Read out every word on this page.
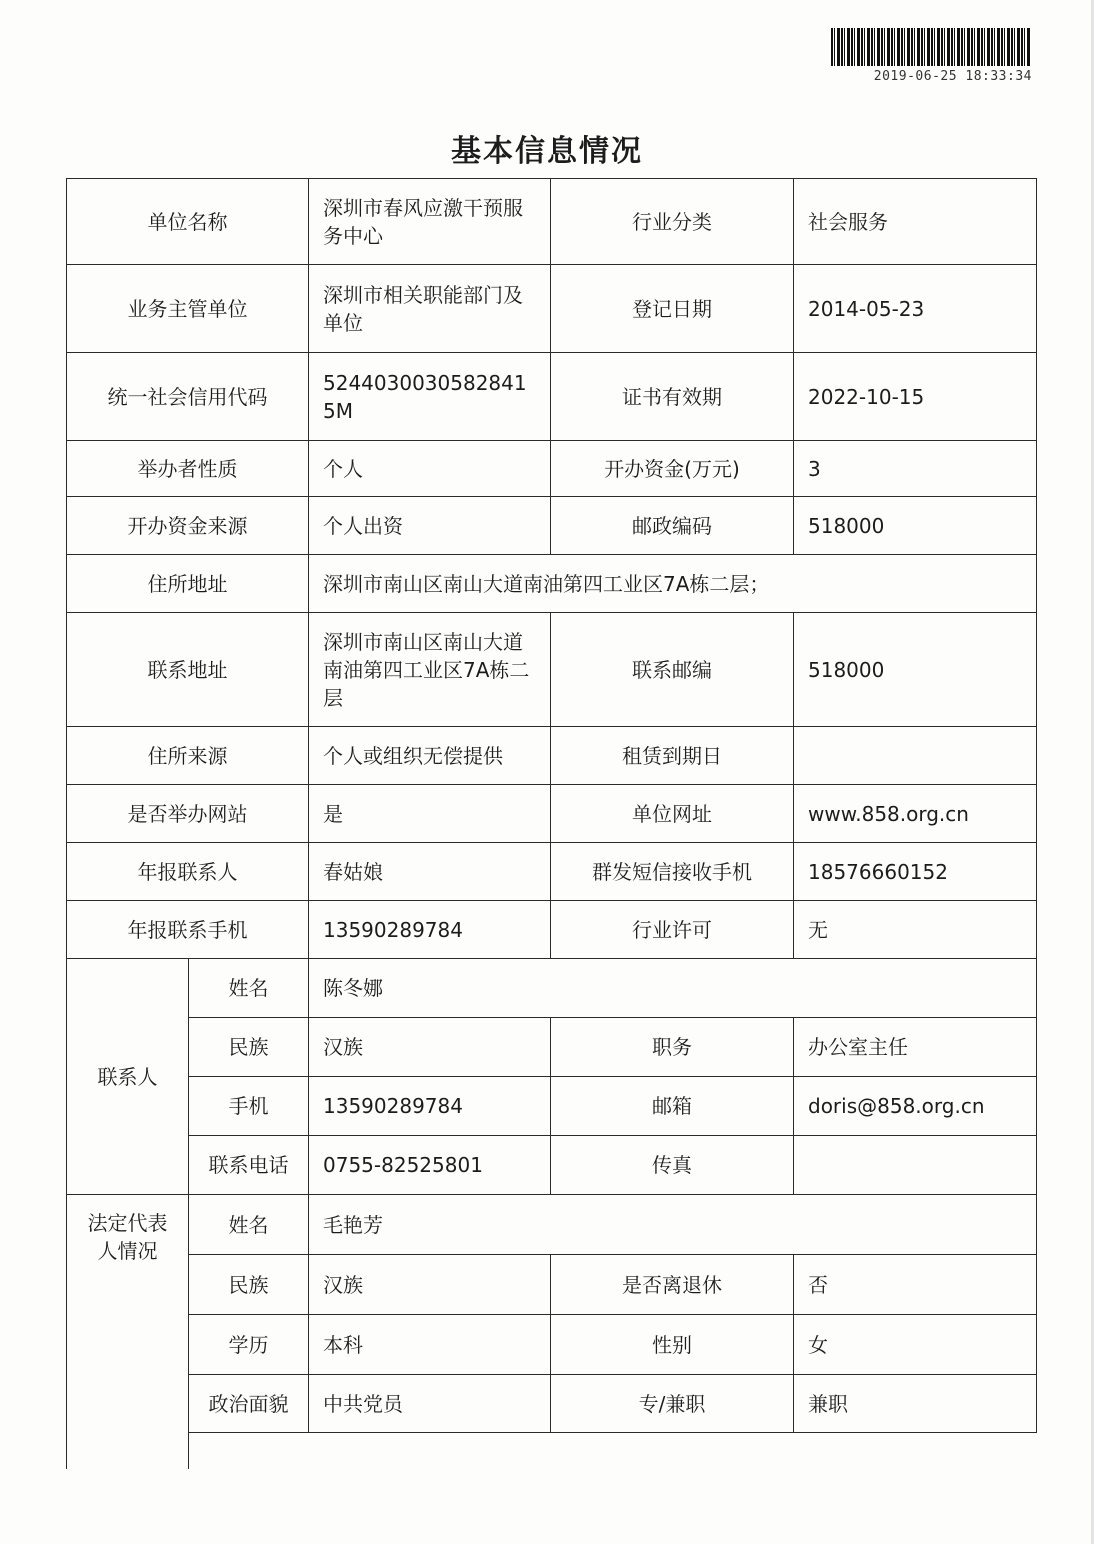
2019-06-25 18:33:34
基本信息情况
单位名称		深圳市春风应激干预服务中心	行业分类	社会服务
业务主管单位		深圳市相关职能部门及单位	登记日期	2014-05-23
统一社会信用代码		52440300305828415M	证书有效期	2022-10-15
举办者性质		个人	开办资金(万元)	3
开办资金来源		个人出资	邮政编码	518000
住所地址		深圳市南山区南山大道南油第四工业区7A栋二层；		
联系地址		深圳市南山区南山大道南油第四工业区7A栋二层	联系邮编	518000
住所来源		个人或组织无偿提供	租赁到期日	
是否举办网站		是	单位网址	www.858.org.cn
年报联系人		春姑娘	群发短信接收手机	18576660152
年报联系手机		13590289784	行业许可	无
联系人	姓名	陈冬娜		
	民族	汉族	职务	办公室主任
	手机	13590289784	邮箱	doris@858.org.cn
	联系电话	0755-82525801	传真	
法定代表人情况	姓名	毛艳芳		
	民族	汉族	是否离退休	否
	学历	本科	性别	女
	政治面貌	中共党员	专/兼职	兼职
